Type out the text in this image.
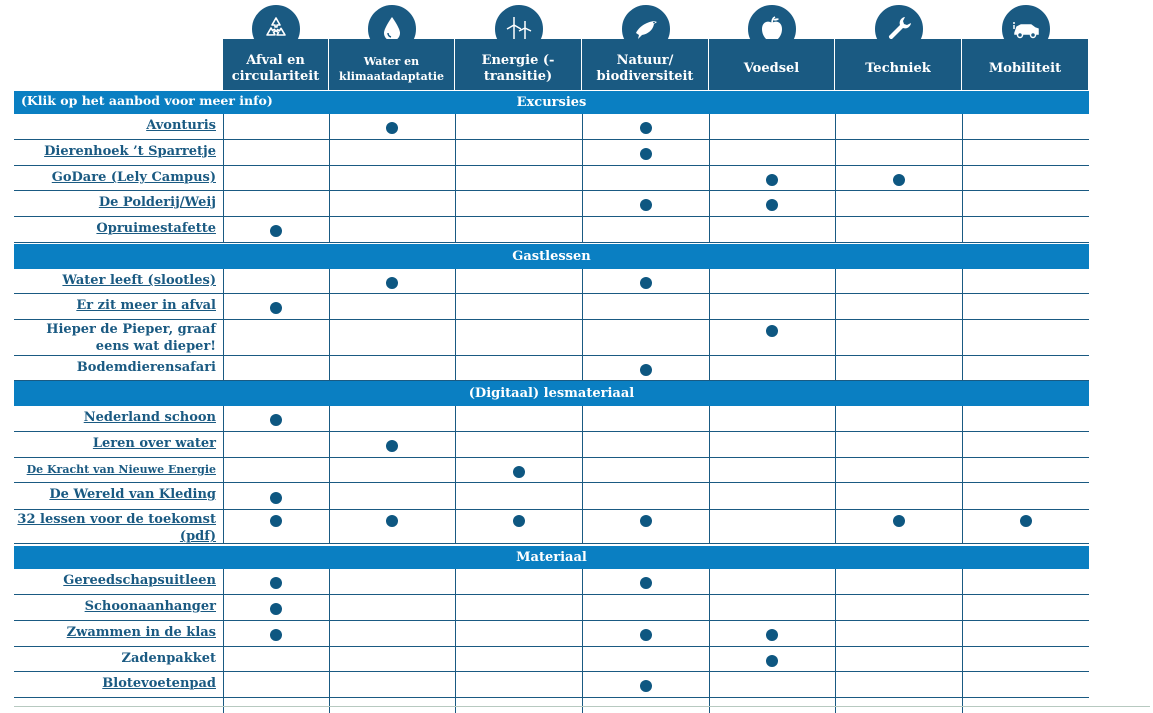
Afval en circulariteit
Water en klimaatadaptatie
Energie (-transitie)
Natuur/ biodiversiteit
Voedsel	Techniek	Mobiliteit
Excursies
(Klik op het aanbod voor meer info)
Avonturis
Dierenhoek ’t Sparretje
GoDare (Lely Campus)
De Polderij/Weij
Opruimestafette
Gastlessen
Water leeft (slootles)
Er zit meer in afval
Hieper de Pieper, graaf eens wat dieper!
Bodemdierensafari
(Digitaal) lesmateriaal
Nederland schoon
Leren over water
De Kracht van Nieuwe Energie
De Wereld van Kleding
32 lessen voor de toekomst (pdf)
Materiaal
Gereedschapsuitleen
Schoonaanhanger
Zwammen in de klas
Zadenpakket
Blotevoetenpad
